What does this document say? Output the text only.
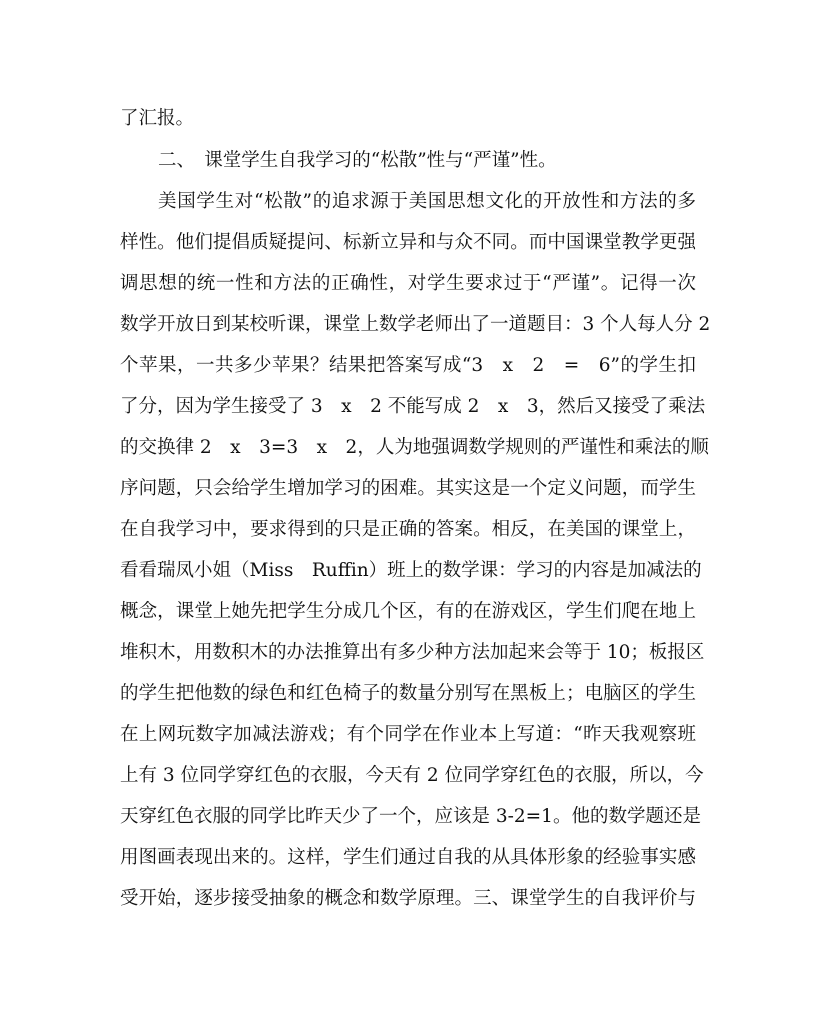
了汇报。
二、　课堂学生自我学习的“松散”性与“严谨”性。
美国学生对“松散”的追求源于美国思想文化的开放性和方法的多
样性。他们提倡质疑提问、标新立异和与众不同。而中国课堂教学更强
调思想的统一性和方法的正确性，对学生要求过于“严谨”。记得一次
数学开放日到某校听课，课堂上数学老师出了一道题目：3 个人每人分 2
个苹果，一共多少苹果？结果把答案写成“3　x　2　=　6”的学生扣
了分，因为学生接受了 3　x　2 不能写成 2　x　3，然后又接受了乘法
的交换律 2　x　3=3　x　2，人为地强调数学规则的严谨性和乘法的顺
序问题，只会给学生增加学习的困难。其实这是一个定义问题，而学生
在自我学习中，要求得到的只是正确的答案。相反，在美国的课堂上，
看看瑞凤小姐（Miss　Ruffin）班上的数学课：学习的内容是加减法的
概念，课堂上她先把学生分成几个区，有的在游戏区，学生们爬在地上
堆积木，用数积木的办法推算出有多少种方法加起来会等于 10；板报区
的学生把他数的绿色和红色椅子的数量分别写在黑板上；电脑区的学生
在上网玩数字加减法游戏；有个同学在作业本上写道：“昨天我观察班
上有 3 位同学穿红色的衣服，今天有 2 位同学穿红色的衣服，所以，今
天穿红色衣服的同学比昨天少了一个，应该是 3-2=1。他的数学题还是
用图画表现出来的。这样，学生们通过自我的从具体形象的经验事实感
受开始，逐步接受抽象的概念和数学原理。三、课堂学生的自我评价与
